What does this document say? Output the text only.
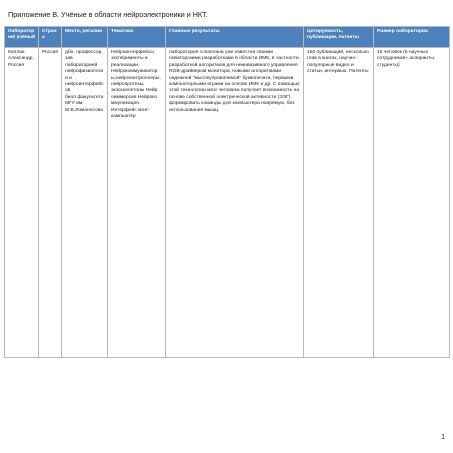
Приложение В. Учёные в области нейроэлектроники и НКТ.
Лаборатор ия/ учёный	Страна	Место, регалии	Тематика	Главные результаты	Цитируемость, публикации, патенты	Размер лаборатории
Каплан Александр, Россия	Россия	дбн, профессор, зав. лабораторией нейрофизиологи и и нейроинтерфейс ов биол.факультета МГУ им. М.В.Ломоносова	Нейроинтерфейсы эксперименты и реализации. Нейрокоммуникатор ы,нейроконтроллеры, нейропротезы, экзоскелетоны Нейр оиммерсия.Нейроко ммуникация. Интерфейс мозг-компьютер	лаборатория А.Каплана уже известна своими новаторскими разработками в области ИМК, в частности, разработкой алгоритмов для неинвазивного управления RGB-драйвером монитора, новыми алгоритмами надежной "мыслеуправляемой" буквопечати, первыми компьютерными играми на основе ИМК и др. С помощью этой технологии мозг человека получает возможность на основе собственной электрической активности (ЭЭГ) формировать команды для компьютера напрямую, без использования мышц.	150 публикаций, несколько глав в книгах, научно-популярные видео и статьи, интервью. Патенты	15 человек (5 научных сотрудников+ аспиранты, студенты)
1
